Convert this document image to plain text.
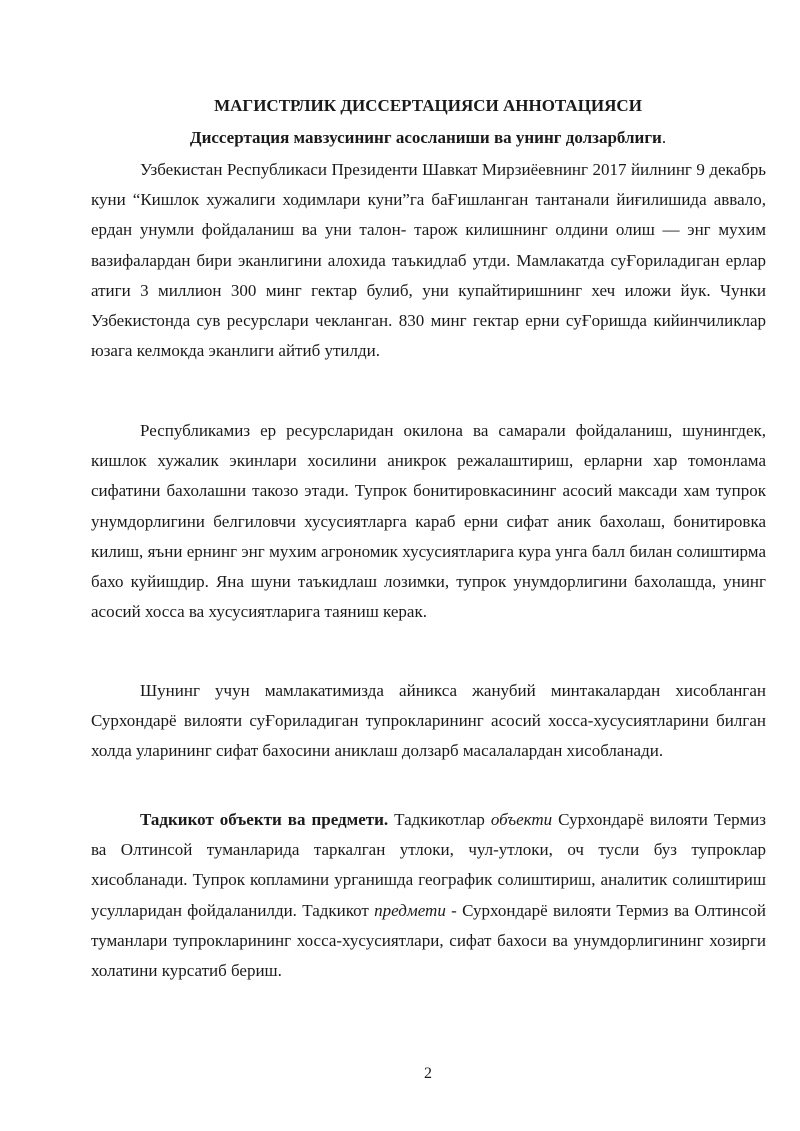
МАГИСТРЛИК ДИССЕРТАЦИЯСИ АННОТАЦИЯСИ

Диссертация мавзусининг асосланиши ва унинг долзарблиги.

Узбекистан Республикаси Президенти Шавкат Мирзиёевнинг 2017 йилнинг 9 декабрь куни “Кишлок хужалиги ходимлари куни”га баҒишланган тантанали йиғилишида аввало, ердан унумли фойдаланиш ва уни талон- тарож килишнинг олдини олиш — энг мухим вазифалардан бири эканлигини алохида таъкидлаб утди. Мамлакатда суҒориладиган ерлар атиги 3 миллион 300 минг гектар булиб, уни купайтиришнинг хеч иложи йук. Чунки Узбекистонда сув ресурслари чекланган. 830 минг гектар ерни суҒоришда кийинчиликлар юзага келмокда эканлиги айтиб утилди.

Республикамиз ер ресурсларидан окилона ва самарали фойдаланиш, шунингдек, кишлок хужалик экинлари хосилини аникрок режалаштириш, ерларни хар томонлама сифатини бахолашни такозо этади. Тупрок бонитировкасининг асосий максади хам тупрок унумдорлигини белгиловчи хусусиятларга караб ерни сифат аник бахолаш, бонитировка килиш, яъни ернинг энг мухим агрономик хусусиятларига кура унга балл билан солиштирма бахо куйишдир. Яна шуни таъкидлаш лозимки, тупрок унумдорлигини бахолашда, унинг асосий хосса ва хусусиятларига таяниш керак.

Шунинг учун мамлакатимизда айникса жанубий минтакалардан хисобланган Сурхондарё вилояти суҒориладиган тупрокларининг асосий хосса-хусусиятларини билган холда уларининг сифат бахосини аниклаш долзарб масалалардан хисобланади.

Тадкикот объекти ва предмети. Тадкикотлар объекти Сурхондарё вилояти Термиз ва Олтинсой туманларида таркалган утлоки, чул-утлоки, оч тусли буз тупроклар хисобланади. Тупрок копламини урганишда географик солиштириш, аналитик солиштириш усулларидан фойдаланилди. Тадкикот предмети - Сурхондарё вилояти Термиз ва Олтинсой туманлари тупрокларининг хосса-хусусиятлари, сифат бахоси ва унумдорлигининг хозирги холатини курсатиб бериш.

2
